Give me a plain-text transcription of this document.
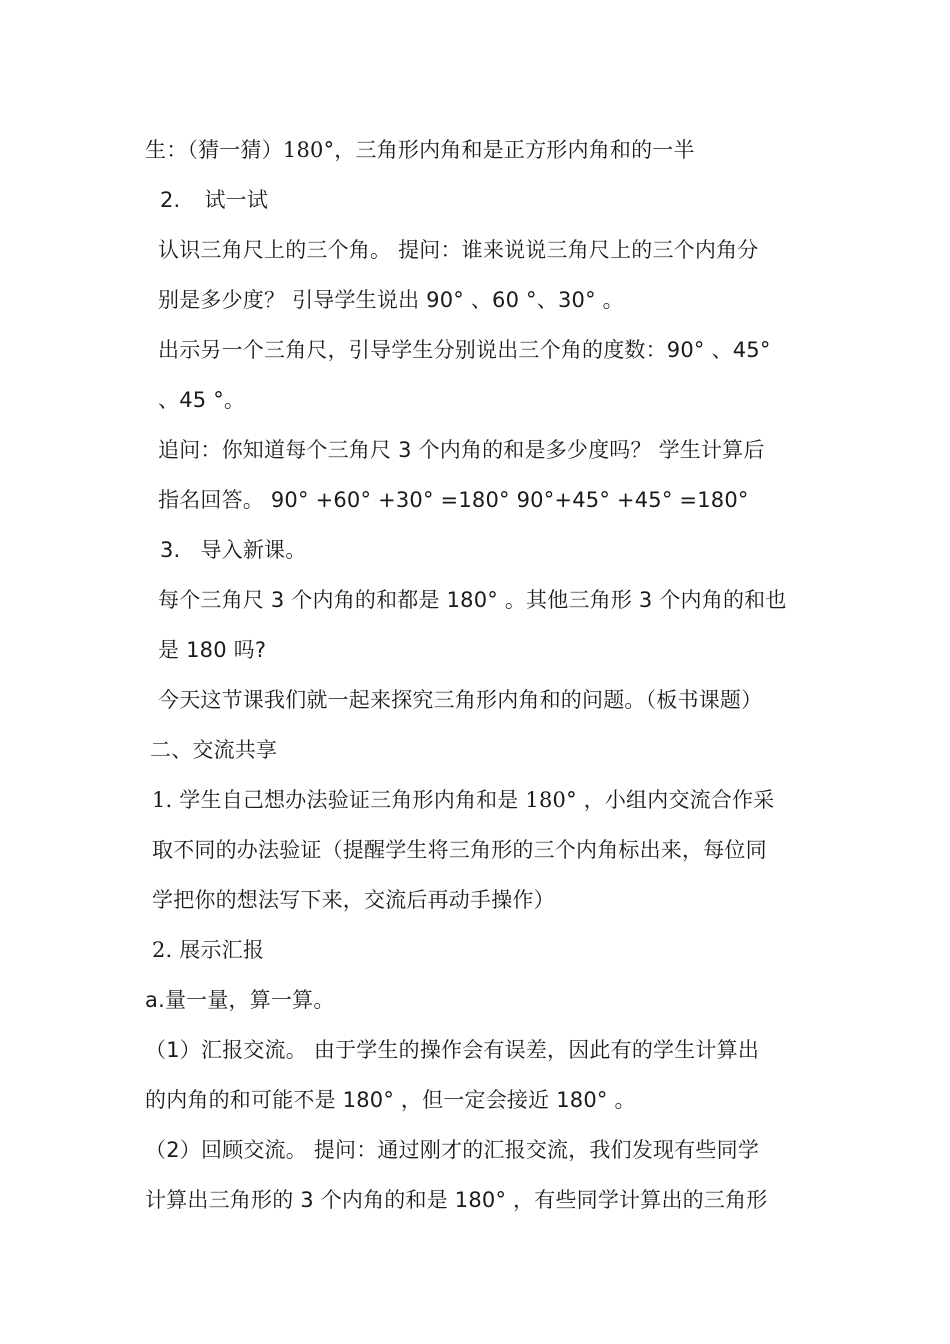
生：（猜一猜）180°，三角形内角和是正方形内角和的一半
2. 试一试
认识三角尺上的三个角。 提问：谁来说说三角尺上的三个内角分
别是多少度？ 引导学生说出 90° 、60 °、30° 。
出示另一个三角尺，引导学生分别说出三个角的度数：90° 、45°
、45 °。
追问：你知道每个三角尺 3 个内角的和是多少度吗？ 学生计算后
指名回答。 90° +60° +30° =180° 90°+45° +45° =180°
3. 导入新课。
每个三角尺 3 个内角的和都是 180° 。其他三角形 3 个内角的和也
是 180 吗?
今天这节课我们就一起来探究三角形内角和的问题。（板书课题）
二、交流共享
1. 学生自己想办法验证三角形内角和是 180° ，小组内交流合作采
取不同的办法验证（提醒学生将三角形的三个内角标出来，每位同
学把你的想法写下来，交流后再动手操作）
2. 展示汇报
a.量一量，算一算。
（1）汇报交流。 由于学生的操作会有误差，因此有的学生计算出
的内角的和可能不是 180° ，但一定会接近 180° 。
（2）回顾交流。 提问：通过刚才的汇报交流，我们发现有些同学
计算出三角形的 3 个内角的和是 180° ，有些同学计算出的三角形
